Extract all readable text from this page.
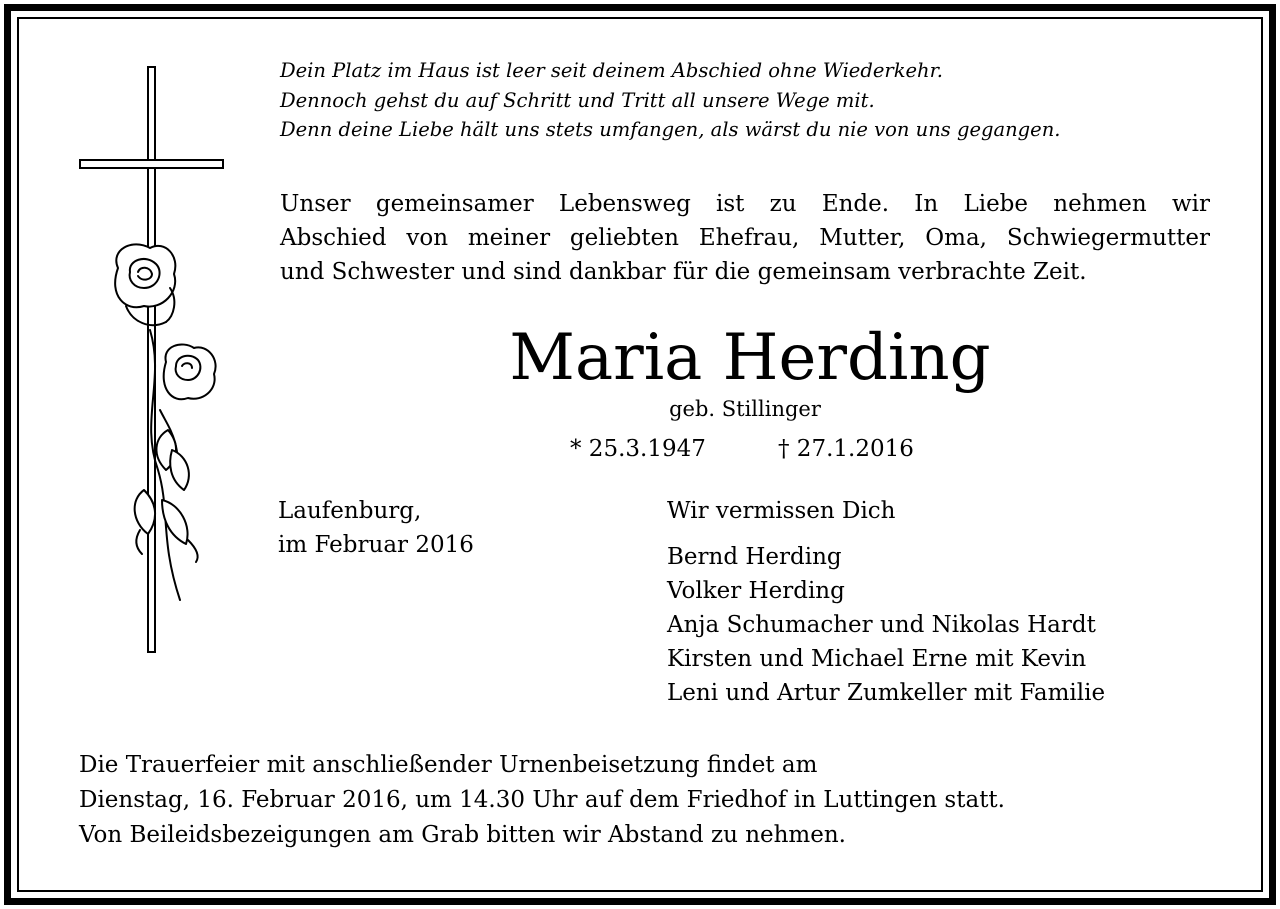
Dein Platz im Haus ist leer seit deinem Abschied ohne Wiederkehr.
Dennoch gehst du auf Schritt und Tritt all unsere Wege mit.
Denn deine Liebe hält uns stets umfangen, als wärst du nie von uns gegangen.
Unser gemeinsamer Lebensweg ist zu Ende. In Liebe nehmen wir
Abschied von meiner geliebten Ehefrau, Mutter, Oma, Schwiegermutter
und Schwester und sind dankbar für die gemeinsam verbrachte Zeit.
Maria Herding
geb. Stillinger
* 25.3.1947	† 27.1.2016
Laufenburg,
im Februar 2016
Wir vermissen Dich
Bernd Herding
Volker Herding
Anja Schumacher und Nikolas Hardt
Kirsten und Michael Erne mit Kevin
Leni und Artur Zumkeller mit Familie
Die Trauerfeier mit anschließender Urnenbeisetzung findet am
Dienstag, 16. Februar 2016, um 14.30 Uhr auf dem Friedhof in Luttingen statt.
Von Beileidsbezeigungen am Grab bitten wir Abstand zu nehmen.
